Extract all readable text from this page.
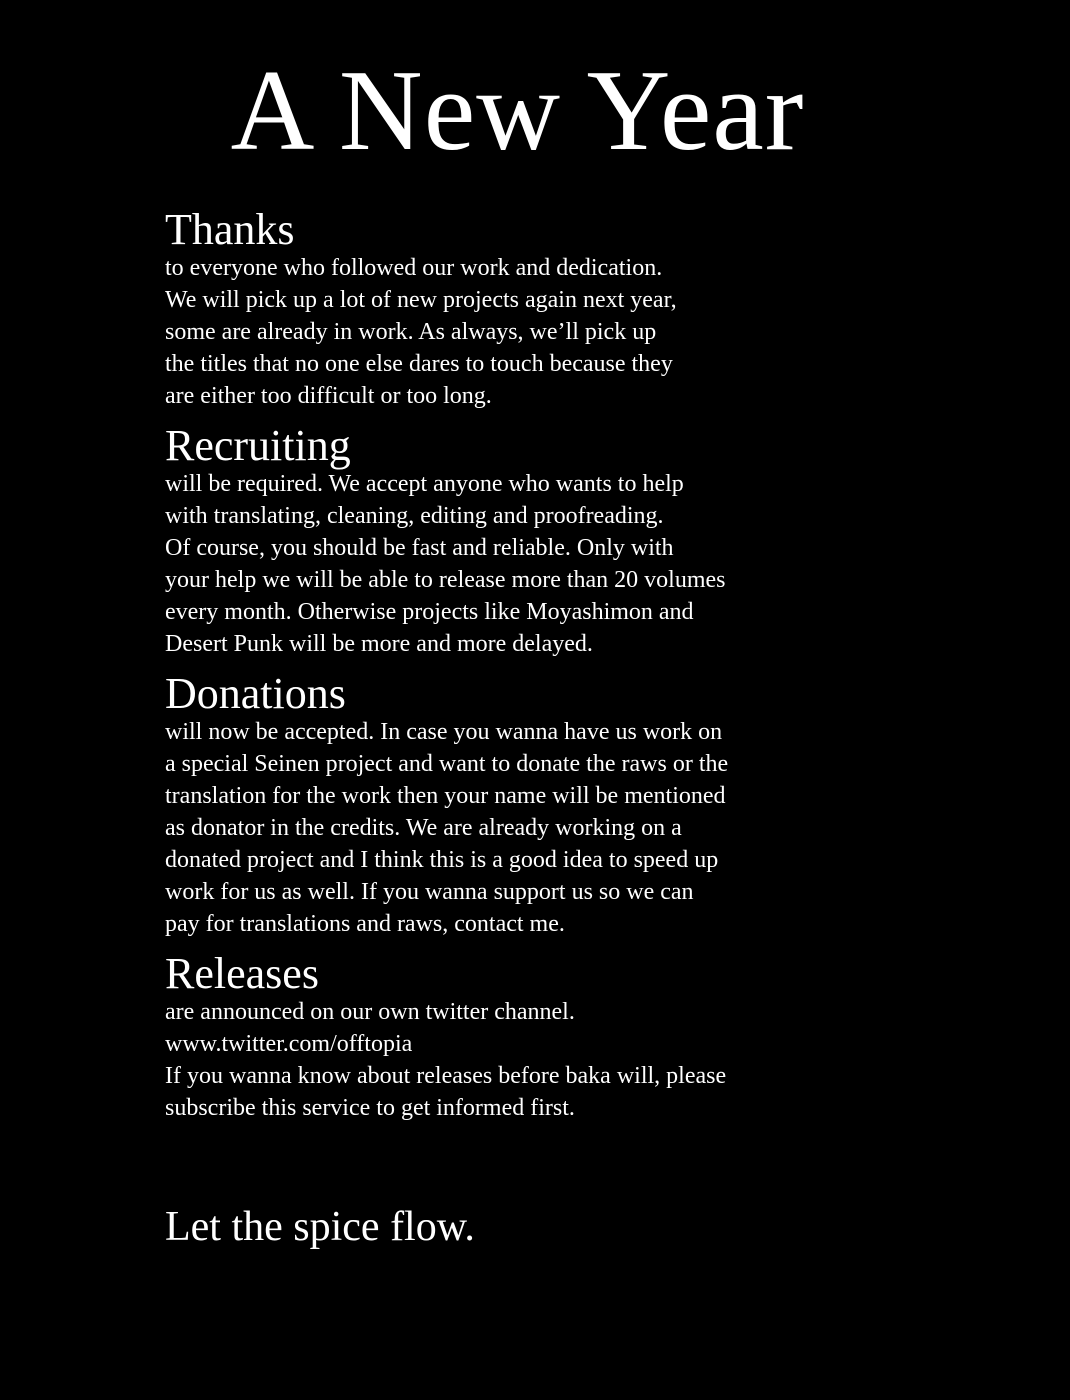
A New Year
Thanks

to everyone who followed our work and dedication.

We will pick up a lot of new projects again next year,

some are already in work. As always, we’ll pick up

the titles that no one else dares to touch because they

are either too difficult or too long.

Recruiting

will be required. We accept anyone who wants to help

with translating, cleaning, editing and proofreading.

Of course, you should be fast and reliable. Only with

your help we will be able to release more than 20 volumes

every month. Otherwise projects like Moyashimon and

Desert Punk will be more and more delayed.

Donations

will now be accepted. In case you wanna have us work on

a special Seinen project and want to donate the raws or the

translation for the work then your name will be mentioned

as donator in the credits. We are already working on a

donated project and I think this is a good idea to speed up

work for us as well. If you wanna support us so we can

pay for translations and raws, contact me.

Releases

are announced on our own twitter channel.

www.twitter.com/offtopia

If you wanna know about releases before baka will, please

subscribe this service to get informed first.

Let the spice flow.
